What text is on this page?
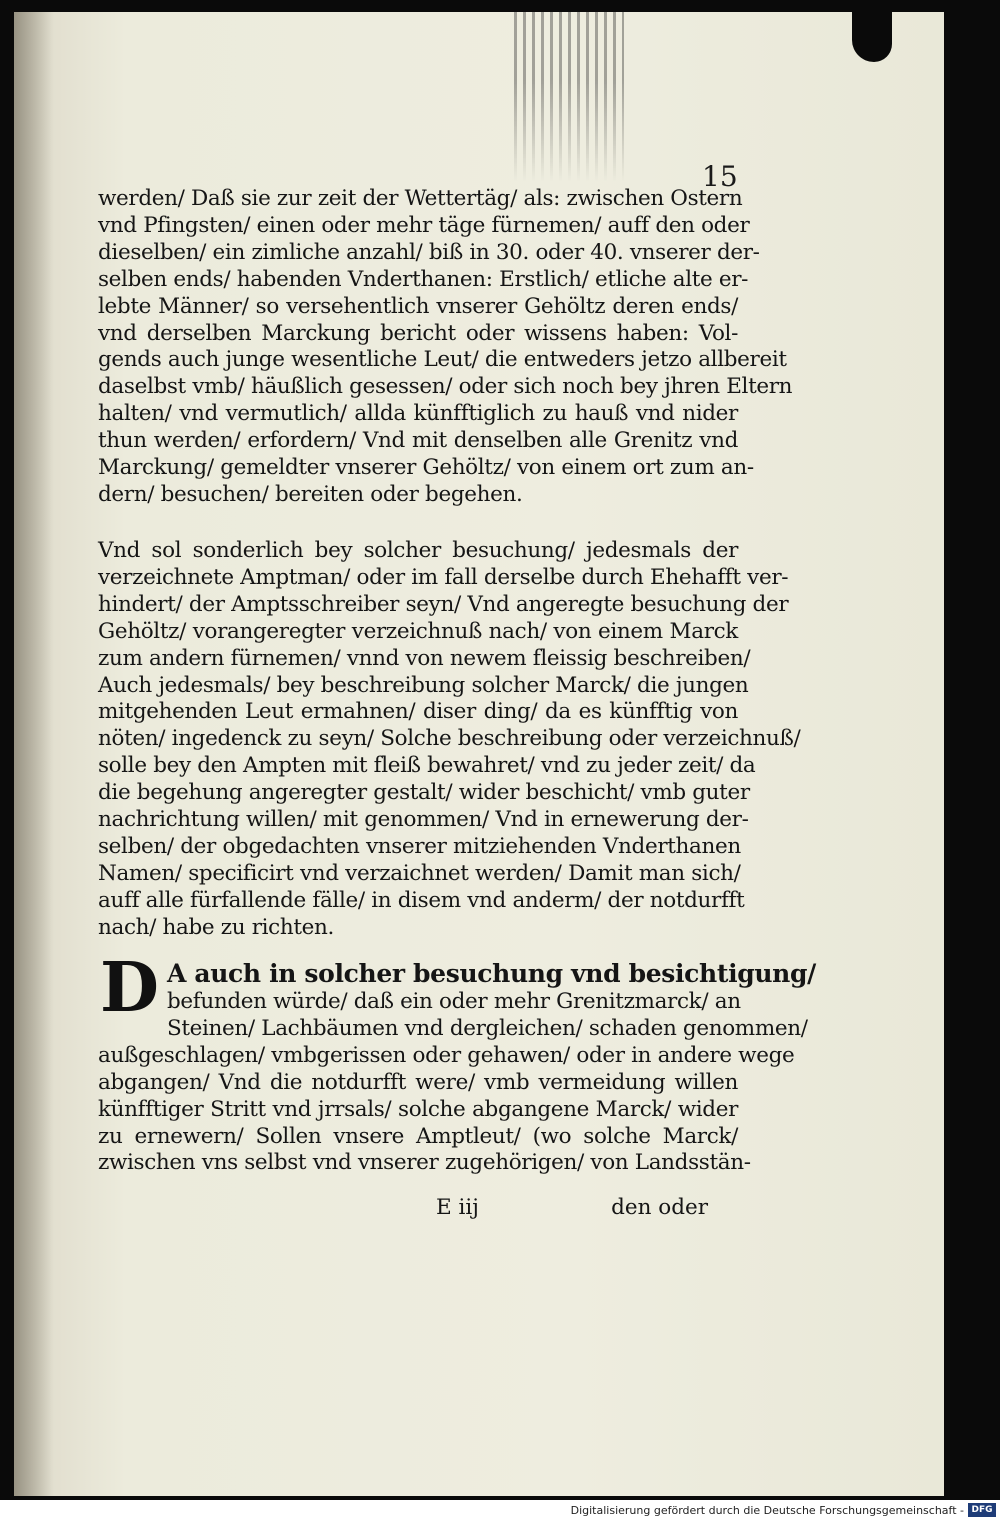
15
werden/ Daß sie zur zeit der Wettertäg/ als: zwischen Ostern
vnd Pfingsten/ einen oder mehr täge fürnemen/ auff den oder
dieselben/ ein zimliche anzahl/ biß in 30. oder 40. vnserer der-
selben ends/ habenden Vnderthanen: Erstlich/ etliche alte er-
lebte Männer/ so versehentlich vnserer Gehöltz deren ends/
vnd derselben Marckung bericht oder wissens haben: Vol-
gends auch junge wesentliche Leut/ die entweders jetzo allbereit
daselbst vmb/ häußlich gesessen/ oder sich noch bey jhren Eltern
halten/ vnd vermutlich/ allda künfftiglich zu hauß vnd nider
thun werden/ erfordern/ Vnd mit denselben alle Grenitz vnd
Marckung/ gemeldter vnserer Gehöltz/ von einem ort zum an-
dern/ besuchen/ bereiten oder begehen.
Vnd sol sonderlich bey solcher besuchung/ jedesmals der
verzeichnete Amptman/ oder im fall derselbe durch Ehehafft ver-
hindert/ der Amptsschreiber seyn/ Vnd angeregte besuchung der
Gehöltz/ vorangeregter verzeichnuß nach/ von einem Marck
zum andern fürnemen/ vnnd von newem fleissig beschreiben/
Auch jedesmals/ bey beschreibung solcher Marck/ die jungen
mitgehenden Leut ermahnen/ diser ding/ da es künfftig von
nöten/ ingedenck zu seyn/ Solche beschreibung oder verzeichnuß/
solle bey den Ampten mit fleiß bewahret/ vnd zu jeder zeit/ da
die begehung angeregter gestalt/ wider beschicht/ vmb guter
nachrichtung willen/ mit genommen/ Vnd in ernewerung der-
selben/ der obgedachten vnserer mitziehenden Vnderthanen
Namen/ specificirt vnd verzaichnet werden/ Damit man sich/
auff alle fürfallende fälle/ in disem vnd anderm/ der notdurfft
nach/ habe zu richten.
D A auch in solcher besuchung vnd besichtigung/
befunden würde/ daß ein oder mehr Grenitzmarck/ an
Steinen/ Lachbäumen vnd dergleichen/ schaden genommen/
außgeschlagen/ vmbgerissen oder gehawen/ oder in andere wege
abgangen/ Vnd die notdurfft were/ vmb vermeidung willen
künfftiger Stritt vnd jrrsals/ solche abgangene Marck/ wider
zu ernewern/ Sollen vnsere Amptleut/ (wo solche Marck/
zwischen vns selbst vnd vnserer zugehörigen/ von Landsstän-
E iij	den oder
Digitalisierung gefördert durch die Deutsche Forschungsgemeinschaft - DFG
